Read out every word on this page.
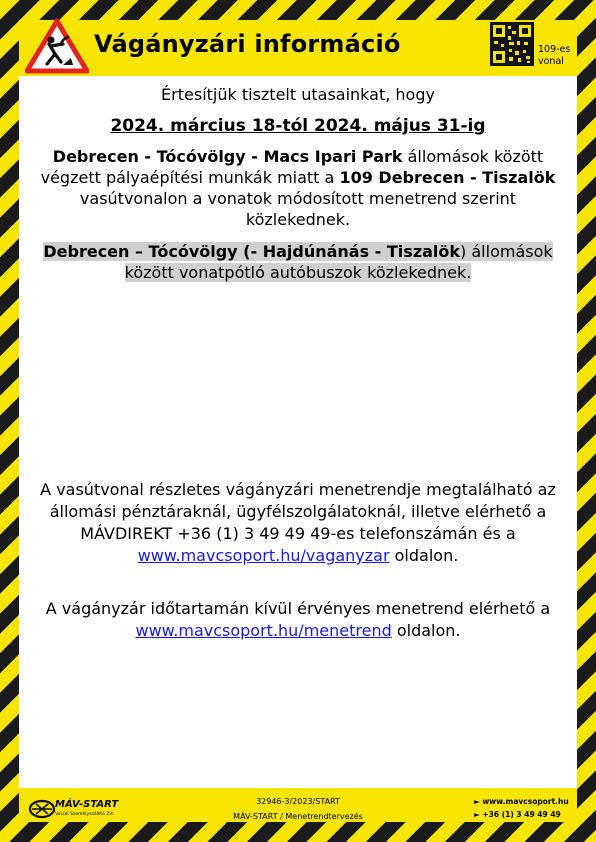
Vágányzári információ	109-es vonal
Értesítjük tisztelt utasainkat, hogy
2024. március 18-tól 2024. május 31-ig
Debrecen - Tócóvölgy - Macs Ipari Park állomások között végzett pályaépítési munkák miatt a 109 Debrecen - Tiszalök vasútvonalon a vonatok módosított menetrend szerint közlekednek.
Debrecen – Tócóvölgy (- Hajdúnánás - Tiszalök) állomások között vonatpótló autóbuszok közlekednek.
A vasútvonal részletes vágányzári menetrendje megtalálható az állomási pénztáraknál, ügyfélszolgálatoknál, illetve elérhető a MÁVDIREKT +36 (1) 3 49 49 49-es telefonszámán és a www.mavcsoport.hu/vaganyzar oldalon.
A vágányzár időtartamán kívül érvényes menetrend elérhető a www.mavcsoport.hu/menetrend oldalon.
MÁV-START
Vasúti Személyszállító Zrt.
32946-3/2023/START
MÁV-START / Menetrendtervezés
► www.mavcsoport.hu
► +36 (1) 3 49 49 49
